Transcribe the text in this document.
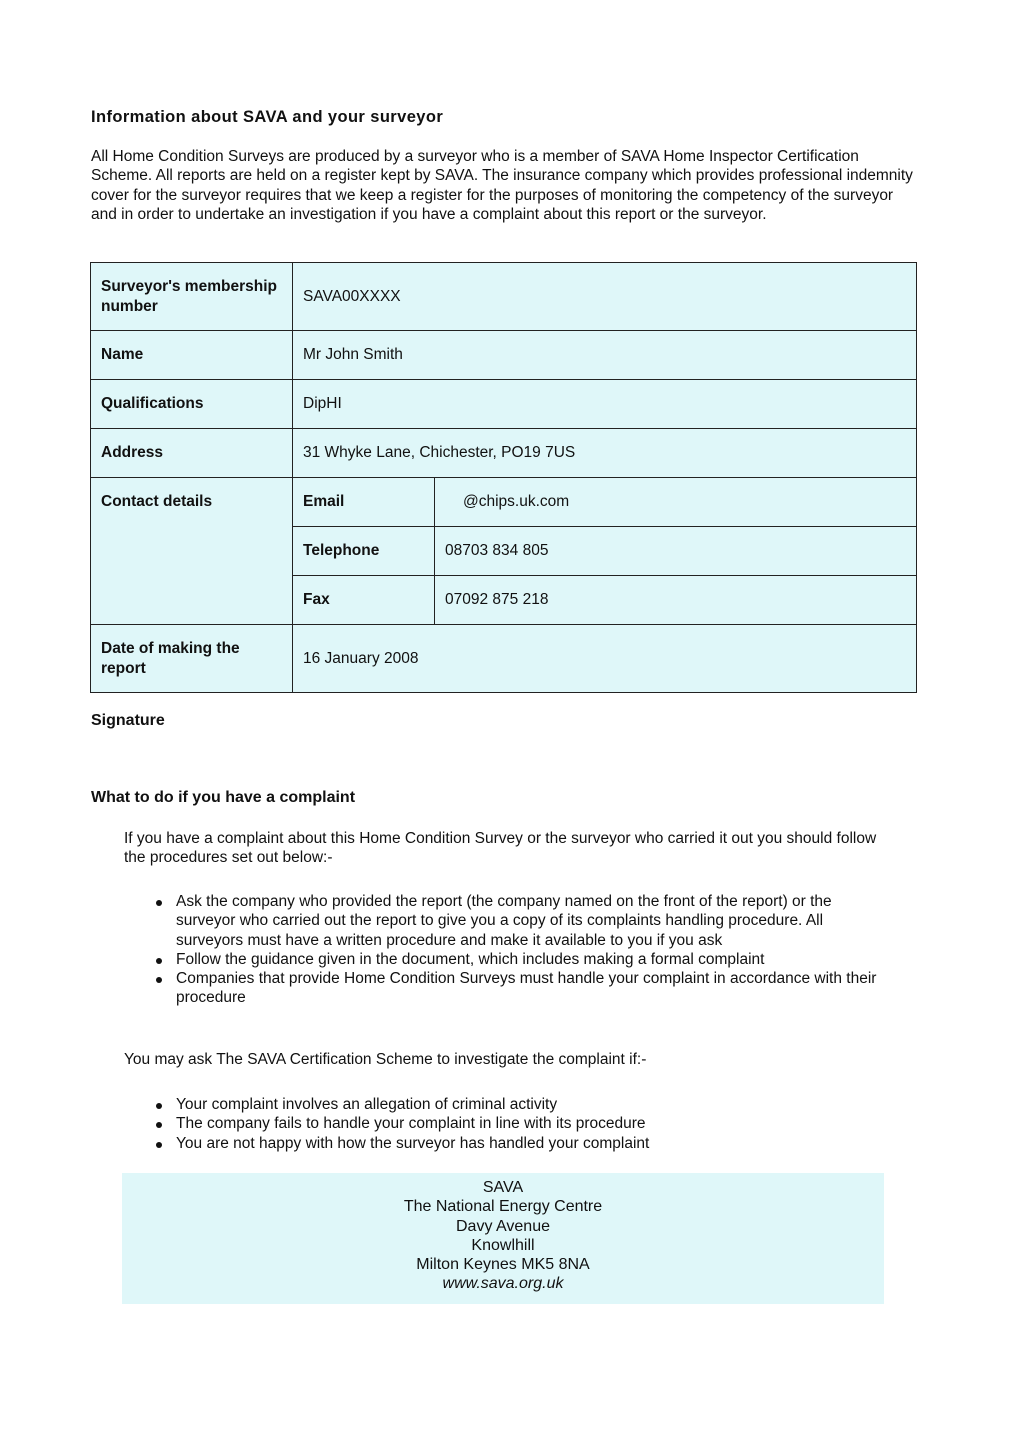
Information about SAVA and your surveyor
All Home Condition Surveys are produced by a surveyor who is a member of SAVA Home Inspector Certification Scheme. All reports are held on a register kept by SAVA. The insurance company which provides professional indemnity cover for the surveyor requires that we keep a register for the purposes of monitoring the competency of the surveyor and in order to undertake an investigation if you have a complaint about this report or the surveyor.
Surveyor's membership number	SAVA00XXXX	
Name	Mr John Smith	
Qualifications	DipHI	
Address	31 Whyke Lane, Chichester, PO19 7US	
Contact details	Email	@chips.uk.com
	Telephone	08703 834 805
	Fax	07092 875 218
Date of making the report	16 January 2008	
Signature
What to do if you have a complaint
If you have a complaint about this Home Condition Survey or the surveyor who carried it out you should follow the procedures set out below:-
Ask the company who provided the report (the company named on the front of the report) or the surveyor who carried out the report to give you a copy of its complaints handling procedure. All surveyors must have a written procedure and make it available to you if you ask
Follow the guidance given in the document, which includes making a formal complaint
Companies that provide Home Condition Surveys must handle your complaint in accordance with their procedure
You may ask The SAVA Certification Scheme to investigate the complaint if:-
Your complaint involves an allegation of criminal activity
The company fails to handle your complaint in line with its procedure
You are not happy with how the surveyor has handled your complaint
SAVA
The National Energy Centre
Davy Avenue
Knowlhill
Milton Keynes MK5 8NA
www.sava.org.uk
